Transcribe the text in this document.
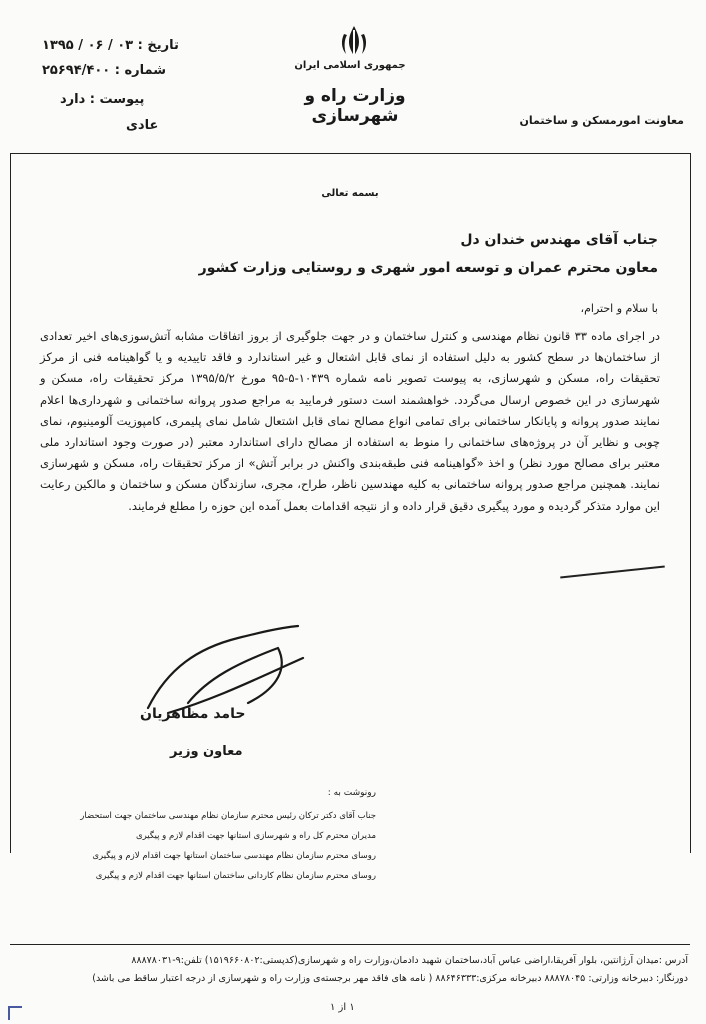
تاریخ : ۰۳ / ۰۶ / ۱۳۹۵
شماره : ۲۵۶۹۴/۴۰۰
پیوست : دارد
عادی
جمهوری اسلامی ایران
وزارت راه و شهرسازی	معاونت امورمسکن و ساختمان
بسمه تعالی
جناب آقای مهندس خندان دل
معاون محترم عمران و توسعه امور شهری و روستایی وزارت کشور
با سلام و احترام،

در اجرای ماده ۳۳ قانون نظام مهندسی و کنترل ساختمان و در جهت جلوگیری از بروز اتفاقات مشابه آتش‌سوزی‌های اخیر تعدادی از ساختمان‌ها در سطح کشور به دلیل استفاده از نمای قابل اشتعال و غیر استاندارد و فاقد تاییدیه و یا گواهینامه فنی از مرکز تحقیقات راه، مسکن و شهرسازی، به پیوست تصویر نامه شماره ۱۰۴۳۹-۵-۹۵ مورخ ۱۳۹۵/۵/۲ مرکز تحقیقات راه، مسکن و شهرسازی در این خصوص ارسال می‌گردد. خواهشمند است دستور فرمایید به مراجع صدور پروانه ساختمانی و شهرداری‌ها اعلام نمایند صدور پروانه و پایانکار ساختمانی برای تمامی انواع مصالح نمای قابل اشتعال شامل نمای پلیمری، کامپوزیت آلومینیوم، نمای چوبی و نظایر آن در پروژه‌های ساختمانی را منوط به استفاده از مصالح دارای استاندارد معتبر (در صورت وجود استاندارد ملی معتبر برای مصالح مورد نظر) و اخذ «گواهینامه فنی طبقه‌بندی واکنش در برابر آتش» از مرکز تحقیقات راه، مسکن و شهرسازی نمایند. همچنین مراجع صدور پروانه ساختمانی به کلیه مهندسین ناظر، طراح، مجری، سازندگان مسکن و ساختمان و مالکین رعایت این موارد متذکر گردیده و مورد پیگیری دقیق قرار داده و از نتیجه اقدامات بعمل آمده این حوزه را مطلع فرمایند.

حامد مظاهریان
معاون وزیر
رونوشت به :
جناب آقای دکتر ترکان رئیس محترم سازمان نظام مهندسی ساختمان جهت استحضار
مدیران محترم کل راه و شهرسازی استانها جهت اقدام لازم و پیگیری
روسای محترم سازمان نظام مهندسی ساختمان استانها جهت اقدام لازم و پیگیری
روسای محترم سازمان نظام کاردانی ساختمان استانها جهت اقدام لازم و پیگیری
آدرس :میدان آرژانتین، بلوار آفریقا،اراضی عباس آباد،ساختمان شهید دادمان،وزارت راه و شهرسازی(کدپستی:۱۵۱۹۶۶۰۸۰۲) تلفن:۹-۸۸۸۷۸۰۳۱
دورنگار: دبیرخانه وزارتی: ۸۸۸۷۸۰۴۵ دبیرخانه مرکزی:۸۸۶۴۶۳۳۳ ( نامه های فاقد مهر برجسته‌ی وزارت راه و شهرسازی از درجه اعتبار ساقط می باشد)
۱ از ۱
